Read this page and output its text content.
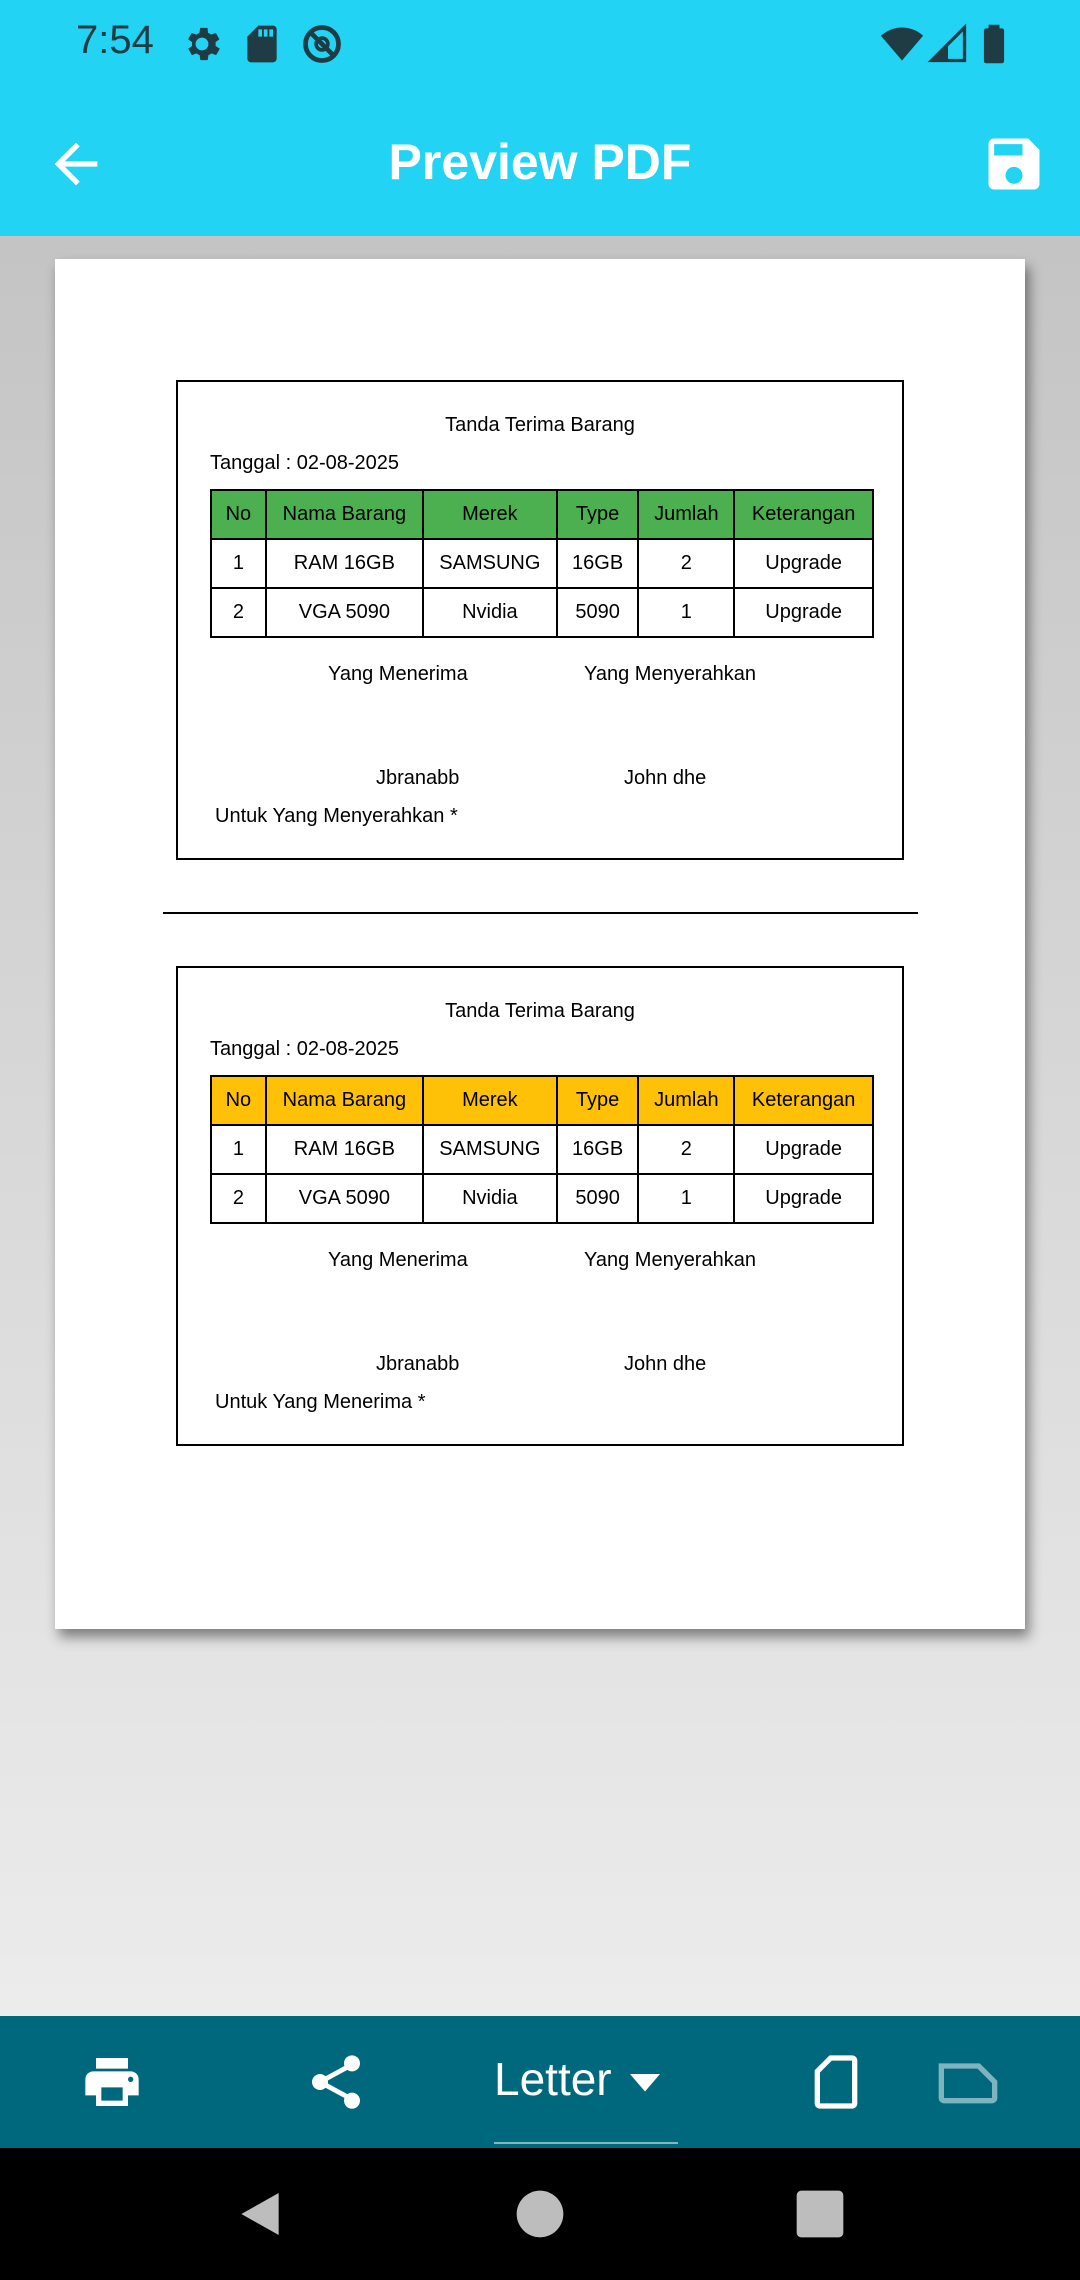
7:54
Preview PDF
Tanda Terima Barang
Tanggal : 02-08-2025
No	Nama Barang	Merek	Type	Jumlah	Keterangan
1	RAM 16GB	SAMSUNG	16GB	2	Upgrade
2	VGA 5090	Nvidia	5090	1	Upgrade
Yang Menerima	Yang Menyerahkan
Jbranabb	John dhe
Untuk Yang Menyerahkan *
Tanda Terima Barang
Tanggal : 02-08-2025
No	Nama Barang	Merek	Type	Jumlah	Keterangan
1	RAM 16GB	SAMSUNG	16GB	2	Upgrade
2	VGA 5090	Nvidia	5090	1	Upgrade
Yang Menerima	Yang Menyerahkan
Jbranabb	John dhe
Untuk Yang Menerima *
Letter
